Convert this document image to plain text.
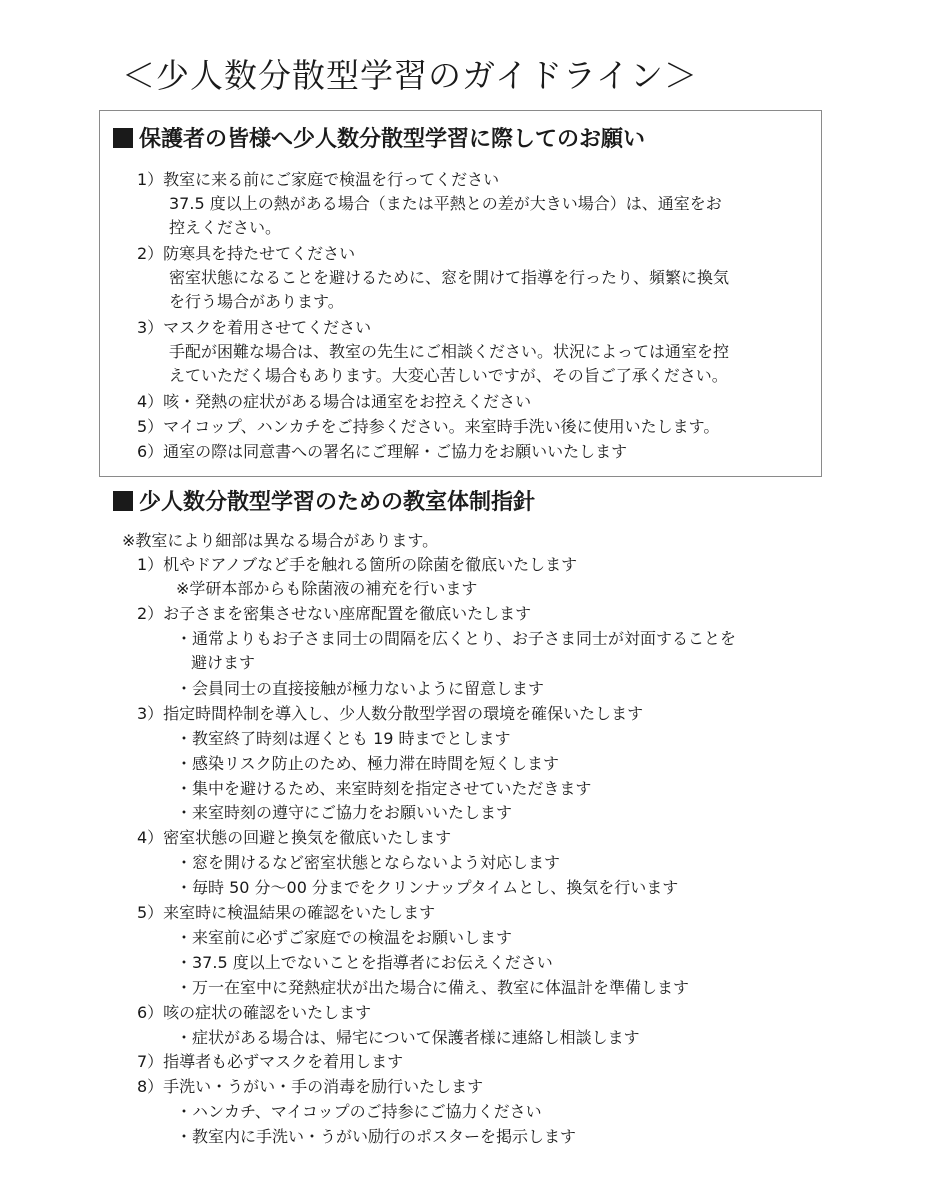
＜少人数分散型学習のガイドライン＞
保護者の皆様へ少人数分散型学習に際してのお願い
1）教室に来る前にご家庭で検温を行ってください
37.5 度以上の熱がある場合（または平熱との差が大きい場合）は、通室をお
控えください。
2）防寒具を持たせてください
密室状態になることを避けるために、窓を開けて指導を行ったり、頻繁に換気
を行う場合があります。
3）マスクを着用させてください
手配が困難な場合は、教室の先生にご相談ください。状況によっては通室を控
えていただく場合もあります。大変心苦しいですが、その旨ご了承ください。
4）咳・発熱の症状がある場合は通室をお控えください
5）マイコップ、ハンカチをご持参ください。来室時手洗い後に使用いたします。
6）通室の際は同意書への署名にご理解・ご協力をお願いいたします
少人数分散型学習のための教室体制指針
※教室により細部は異なる場合があります。
1）机やドアノブなど手を触れる箇所の除菌を徹底いたします
※学研本部からも除菌液の補充を行います
2）お子さまを密集させない座席配置を徹底いたします
・通常よりもお子さま同士の間隔を広くとり、お子さま同士が対面することを
避けます
・会員同士の直接接触が極力ないように留意します
3）指定時間枠制を導入し、少人数分散型学習の環境を確保いたします
・教室終了時刻は遅くとも 19 時までとします
・感染リスク防止のため、極力滞在時間を短くします
・集中を避けるため、来室時刻を指定させていただきます
・来室時刻の遵守にご協力をお願いいたします
4）密室状態の回避と換気を徹底いたします
・窓を開けるなど密室状態とならないよう対応します
・毎時 50 分〜00 分までをクリンナップタイムとし、換気を行います
5）来室時に検温結果の確認をいたします
・来室前に必ずご家庭での検温をお願いします
・37.5 度以上でないことを指導者にお伝えください
・万一在室中に発熱症状が出た場合に備え、教室に体温計を準備します
6）咳の症状の確認をいたします
・症状がある場合は、帰宅について保護者様に連絡し相談します
7）指導者も必ずマスクを着用します
8）手洗い・うがい・手の消毒を励行いたします
・ハンカチ、マイコップのご持参にご協力ください
・教室内に手洗い・うがい励行のポスターを掲示します
